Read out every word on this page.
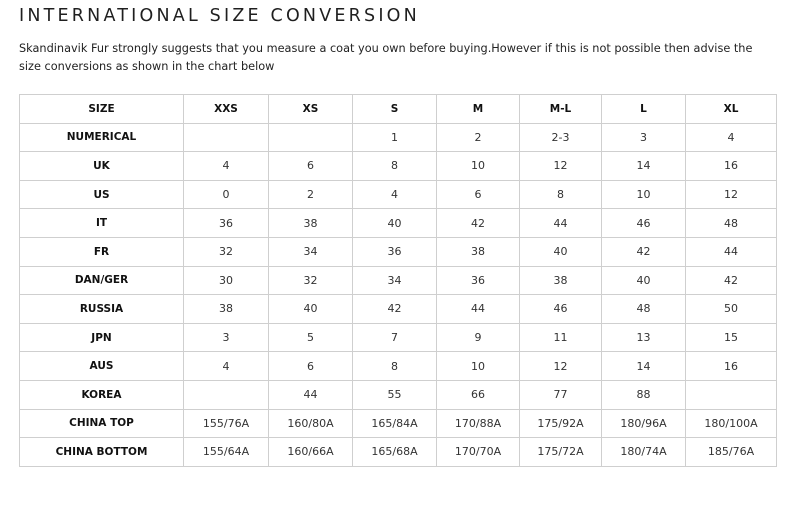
INTERNATIONAL SIZE CONVERSION

Skandinavik Fur strongly suggests that you measure a coat you own before buying.However if this is not possible then advise the size conversions as shown in the chart below

SIZE	XXS	XS	S	M	M-L	L	XL
NUMERICAL			1	2	2-3	3	4
UK	4	6	8	10	12	14	16
US	0	2	4	6	8	10	12
IT	36	38	40	42	44	46	48
FR	32	34	36	38	40	42	44
DAN/GER	30	32	34	36	38	40	42
RUSSIA	38	40	42	44	46	48	50
JPN	3	5	7	9	11	13	15
AUS	4	6	8	10	12	14	16
KOREA		44	55	66	77	88	
CHINA TOP	155/76A	160/80A	165/84A	170/88A	175/92A	180/96A	180/100A
CHINA BOTTOM	155/64A	160/66A	165/68A	170/70A	175/72A	180/74A	185/76A
